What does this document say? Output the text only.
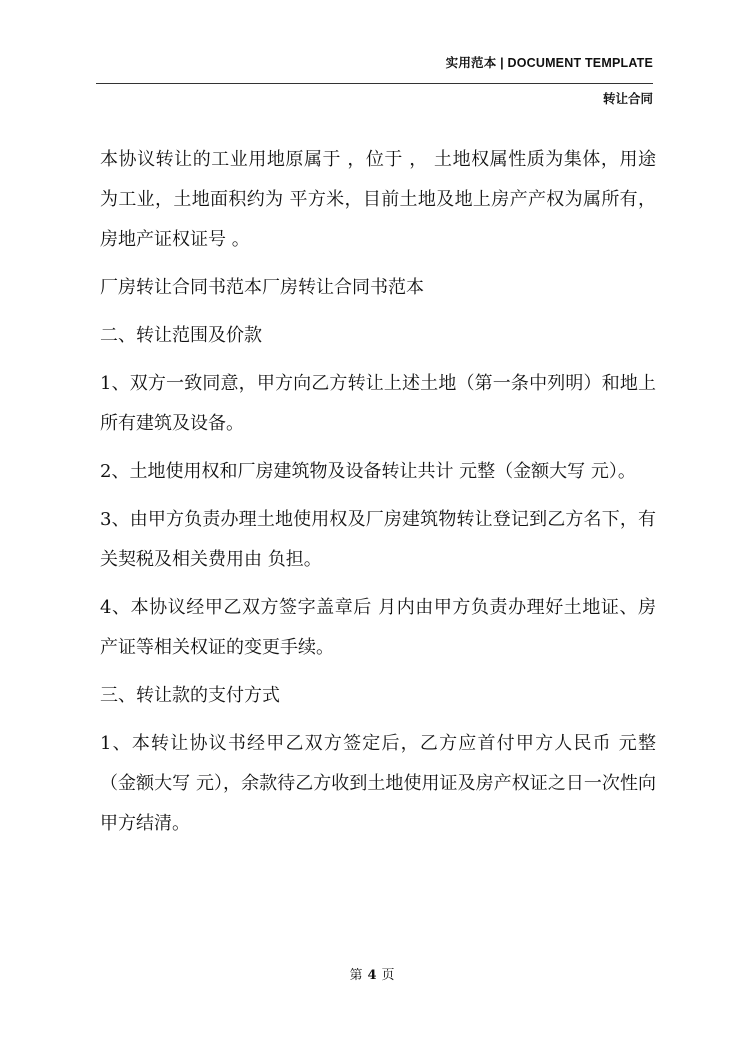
实用范本 | DOCUMENT TEMPLATE
转让合同

本协议转让的工业用地原属于 ，位于 ， 土地权属性质为集体，用途为工业，土地面积约为 平方米，目前土地及地上房产产权为属所有，房地产证权证号 。

厂房转让合同书范本厂房转让合同书范本

二、转让范围及价款

1、双方一致同意，甲方向乙方转让上述土地（第一条中列明）和地上所有建筑及设备。

2、土地使用权和厂房建筑物及设备转让共计 元整（金额大写 元）。

3、由甲方负责办理土地使用权及厂房建筑物转让登记到乙方名下，有关契税及相关费用由 负担。

4、本协议经甲乙双方签字盖章后 月内由甲方负责办理好土地证、房产证等相关权证的变更手续。

三、转让款的支付方式

1、本转让协议书经甲乙双方签定后，乙方应首付甲方人民币 元整（金额大写 元），余款待乙方收到土地使用证及房产权证之日一次性向甲方结清。

第 4 页
